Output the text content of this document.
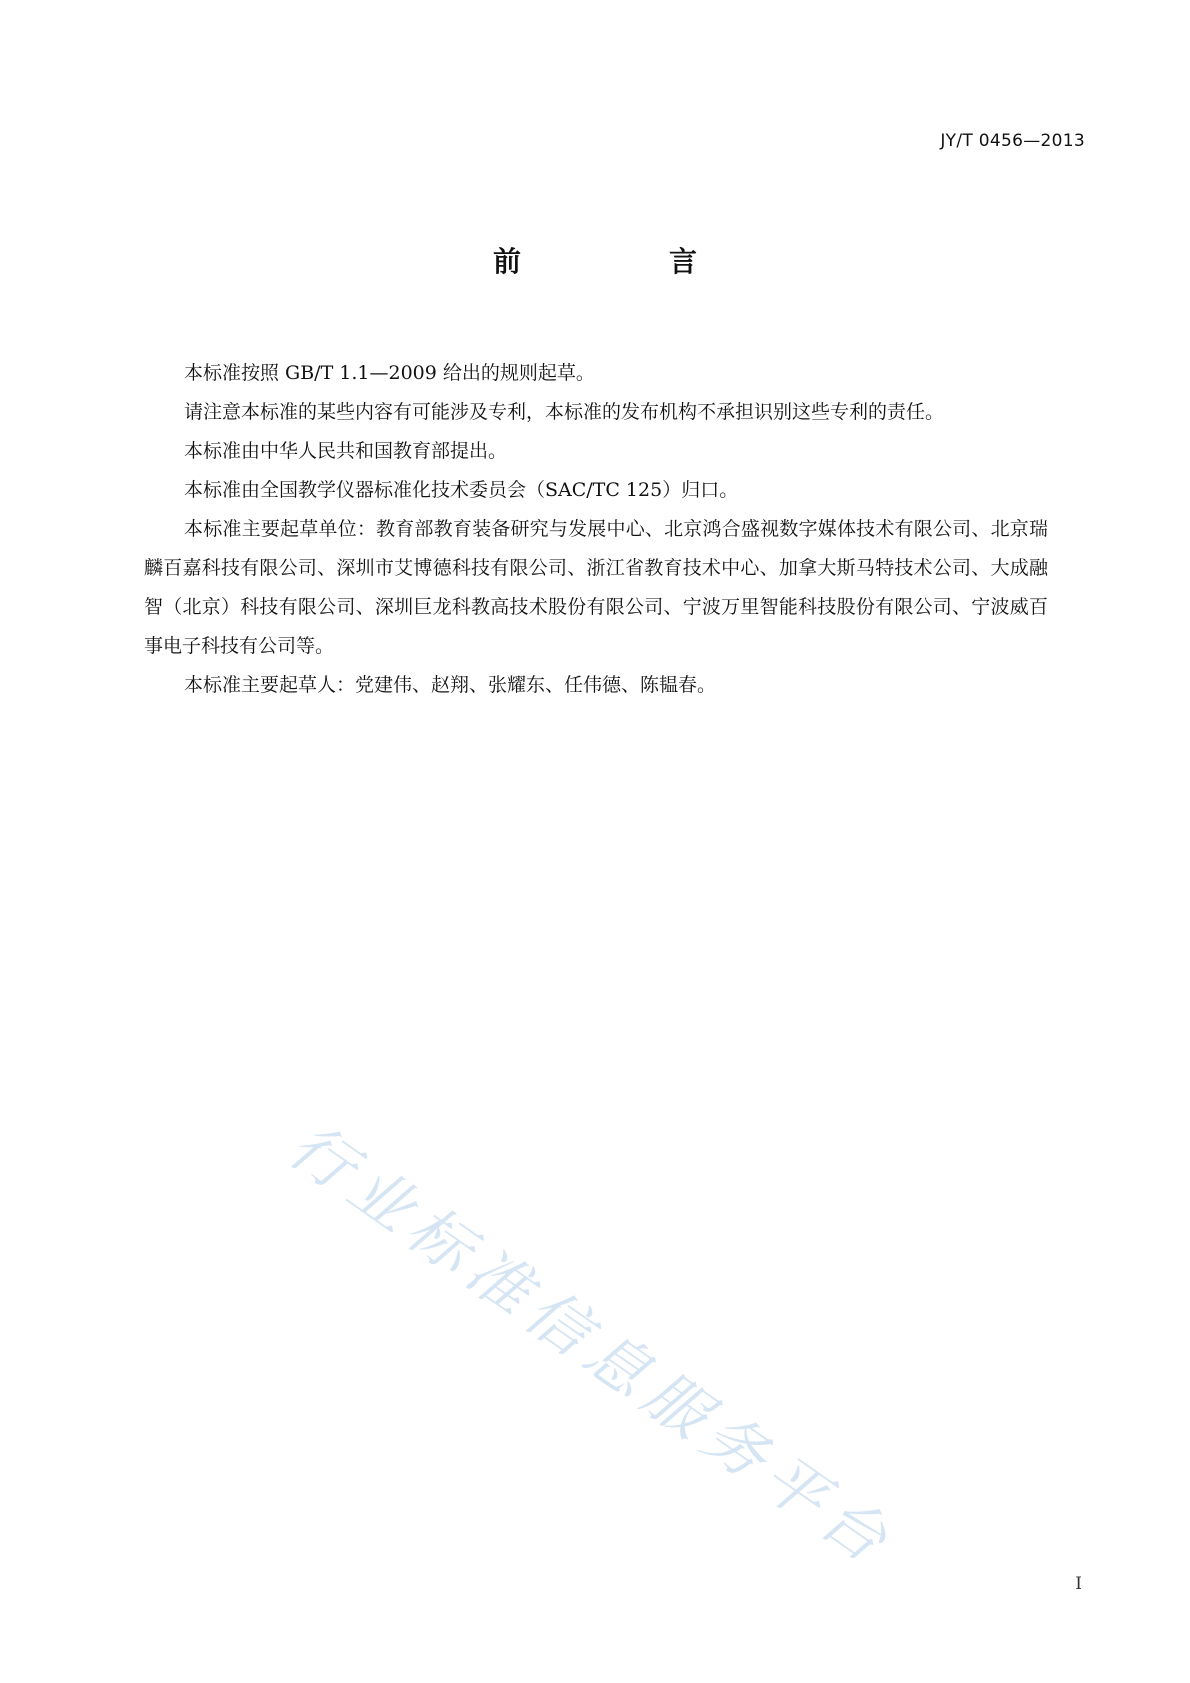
JY/T 0456—2013
前　言

本标准按照 GB/T 1.1—2009 给出的规则起草。

请注意本标准的某些内容有可能涉及专利，本标准的发布机构不承担识别这些专利的责任。

本标准由中华人民共和国教育部提出。

本标准由全国教学仪器标准化技术委员会（SAC/TC 125）归口。

本标准主要起草单位：教育部教育装备研究与发展中心、北京鸿合盛视数字媒体技术有限公司、北京瑞麟百嘉科技有限公司、深圳市艾博德科技有限公司、浙江省教育技术中心、加拿大斯马特技术公司、大成融智（北京）科技有限公司、深圳巨龙科教高技术股份有限公司、宁波万里智能科技股份有限公司、宁波威百事电子科技有公司等。

本标准主要起草人：党建伟、赵翔、张耀东、任伟德、陈韫春。

行业标准信息服务平台
I
